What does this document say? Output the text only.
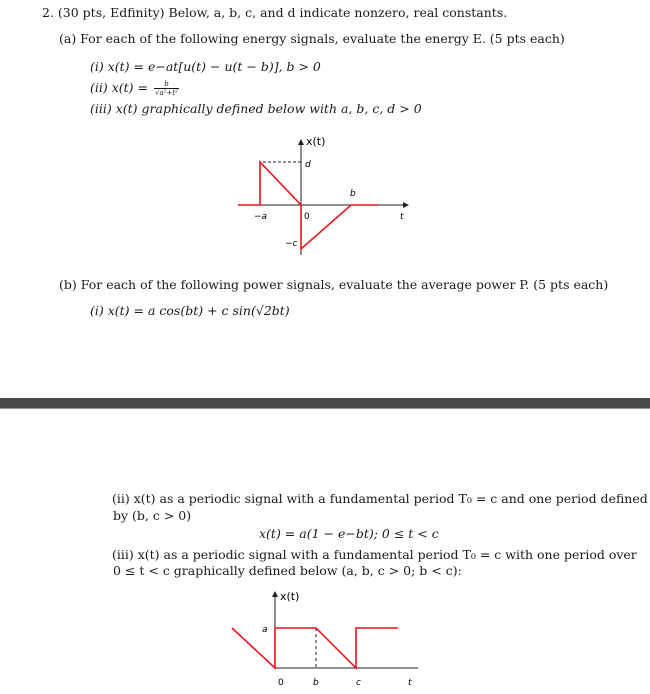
2. (30 pts, Edfinity) Below, a, b, c, and d indicate nonzero, real constants.
(a) For each of the following energy signals, evaluate the energy E. (5 pts each)
(i) x(t) = e−at[u(t) − u(t − b)], b > 0
(ii) $x(t) = \frac{b}{\text{√a²+t²}}$
(iii) x(t) graphically defined below with a, b, c, d > 0
x(t)
d
b
−a	0	t
−c
(b) For each of the following power signals, evaluate the average power P. (5 pts each)
(i) x(t) = a cos(bt) + c sin(√2bt)
(ii) x(t) as a periodic signal with a fundamental period T₀ = c and one period defined
by (b, c > 0)
x(t) = a(1 − e−bt); 0 ≤ t < c
(iii) x(t) as a periodic signal with a fundamental period T₀ = c with one period over
0 ≤ t < c graphically defined below (a, b, c > 0; b < c):
x(t)
a
0	b	c	t
